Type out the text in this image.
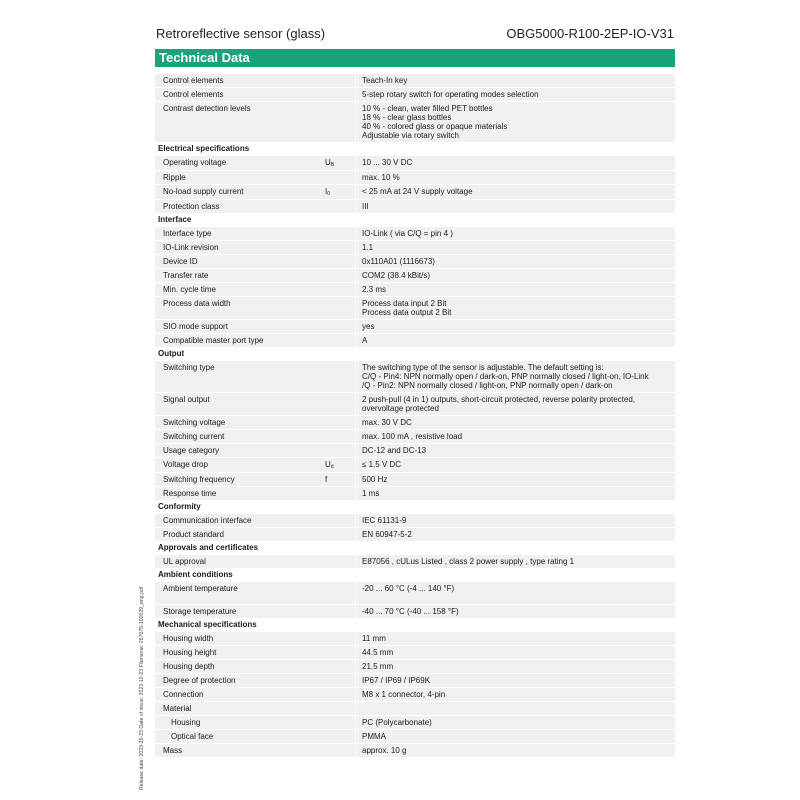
Retroreflective sensor (glass)	OBG5000-R100-2EP-IO-V31
Technical Data
Release date: 2023-10-23 Date of issue: 2023-10-23 Filename: 267075-100029_eng.pdf
Control elements	Teach-In key
Control elements	5-step rotary switch for operating modes selection
Contrast detection levels	10 % - clean, water filled PET bottles
18 % - clear glass bottles
40 % - colored glass or opaque materials
Adjustable via rotary switch
Electrical specifications
Operating voltage	UB	10 ... 30 V DC
Ripple	max. 10 %
No-load supply current	I0	< 25 mA at 24 V supply voltage
Protection class	III
Interface
Interface type	IO-Link ( via C/Q = pin 4 )
IO-Link revision	1.1
Device ID	0x110A01 (1116673)
Transfer rate	COM2 (38.4 kBit/s)
Min. cycle time	2.3 ms
Process data width	Process data input 2 Bit
Process data output 2 Bit
SIO mode support	yes
Compatible master port type	A
Output
Switching type	The switching type of the sensor is adjustable. The default setting is:
C/Q - Pin4: NPN normally open / dark-on, PNP normally closed / light-on, IO-Link
/Q - Pin2: NPN normally closed / light-on, PNP normally open / dark-on
Signal output	2 push-pull (4 in 1) outputs, short-circuit protected, reverse polarity protected,
overvoltage protected
Switching voltage	max. 30 V DC
Switching current	max. 100 mA , resistive load
Usage category	DC-12 and DC-13
Voltage drop	Ud	≤ 1.5 V DC
Switching frequency	f	500 Hz
Response time	1 ms
Conformity
Communication interface	IEC 61131-9
Product standard	EN 60947-5-2
Approvals and certificates
UL approval	E87056 , cULus Listed , class 2 power supply , type rating 1
Ambient conditions
Ambient temperature	-20 ... 60 °C (-4 ... 140 °F)
Storage temperature	-40 ... 70 °C (-40 ... 158 °F)
Mechanical specifications
Housing width	11 mm
Housing height	44.5 mm
Housing depth	21.5 mm
Degree of protection	IP67 / IP69 / IP69K
Connection	M8 x 1 connector, 4-pin
Material

Housing	PC (Polycarbonate)
Optical face	PMMA
Mass	approx. 10 g
